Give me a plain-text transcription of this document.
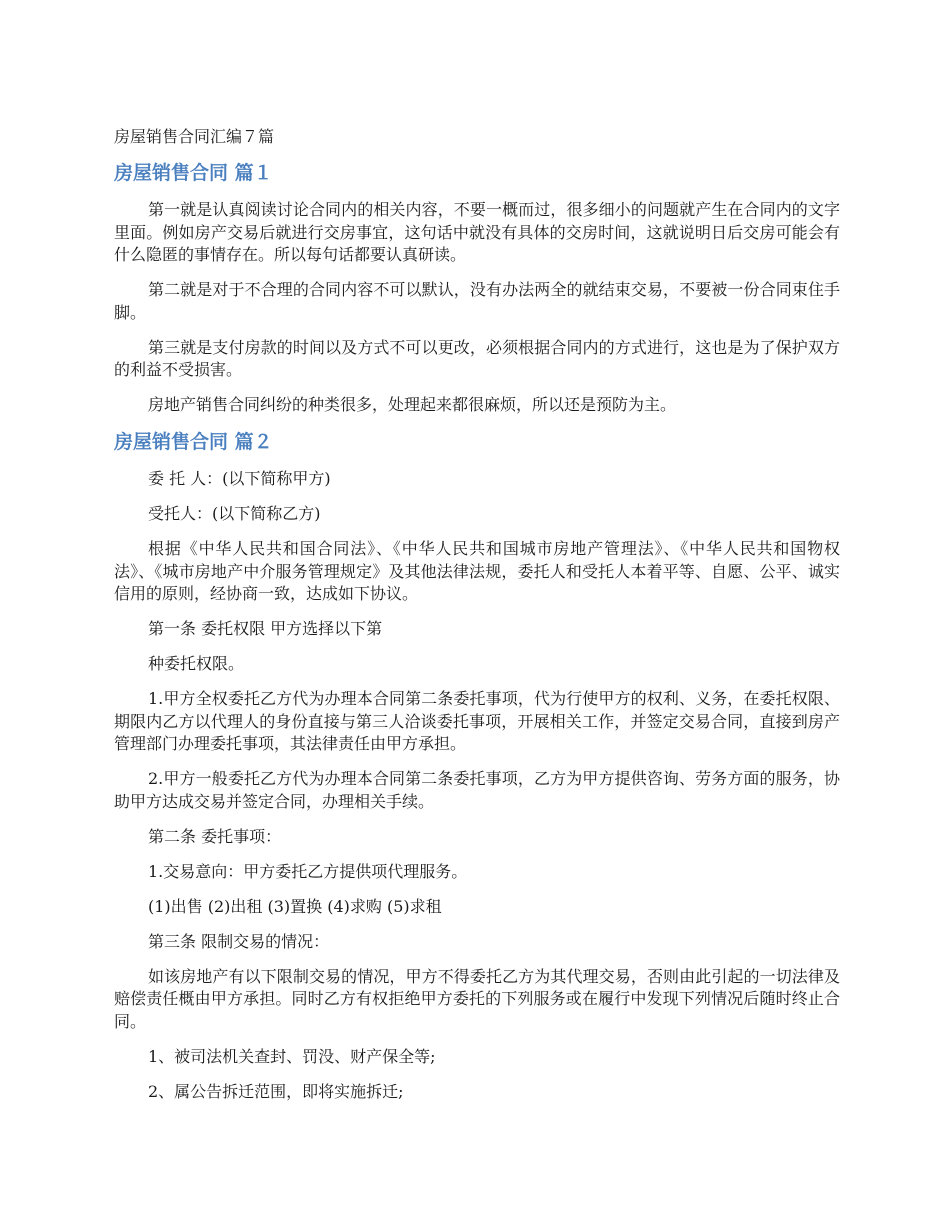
房屋销售合同汇编７篇

房屋销售合同 篇１

第一就是认真阅读讨论合同内的相关内容，不要一概而过，很多细小的问题就产生在合同内的文字里面。例如房产交易后就进行交房事宜，这句话中就没有具体的交房时间，这就说明日后交房可能会有什么隐匿的事情存在。所以每句话都要认真研读。

第二就是对于不合理的合同内容不可以默认，没有办法两全的就结束交易，不要被一份合同束住手脚。

第三就是支付房款的时间以及方式不可以更改，必须根据合同内的方式进行，这也是为了保护双方的利益不受损害。

房地产销售合同纠纷的种类很多，处理起来都很麻烦，所以还是预防为主。

房屋销售合同 篇２

委 托 人：(以下简称甲方)

受托人：(以下简称乙方)

根据《中华人民共和国合同法》、《中华人民共和国城市房地产管理法》、《中华人民共和国物权法》、《城市房地产中介服务管理规定》及其他法律法规，委托人和受托人本着平等、自愿、公平、诚实信用的原则，经协商一致，达成如下协议。

第一条 委托权限 甲方选择以下第

种委托权限。

1.甲方全权委托乙方代为办理本合同第二条委托事项，代为行使甲方的权利、义务，在委托权限、期限内乙方以代理人的身份直接与第三人洽谈委托事项，开展相关工作，并签定交易合同，直接到房产管理部门办理委托事项，其法律责任由甲方承担。

2.甲方一般委托乙方代为办理本合同第二条委托事项，乙方为甲方提供咨询、劳务方面的服务，协助甲方达成交易并签定合同，办理相关手续。

第二条 委托事项：

1.交易意向：甲方委托乙方提供项代理服务。

(1)出售 (2)出租 (3)置换 (4)求购 (5)求租

第三条 限制交易的情况：

如该房地产有以下限制交易的情况，甲方不得委托乙方为其代理交易，否则由此引起的一切法律及赔偿责任概由甲方承担。同时乙方有权拒绝甲方委托的下列服务或在履行中发现下列情况后随时终止合同。

1、被司法机关查封、罚没、财产保全等;

2、属公告拆迁范围，即将实施拆迁;
